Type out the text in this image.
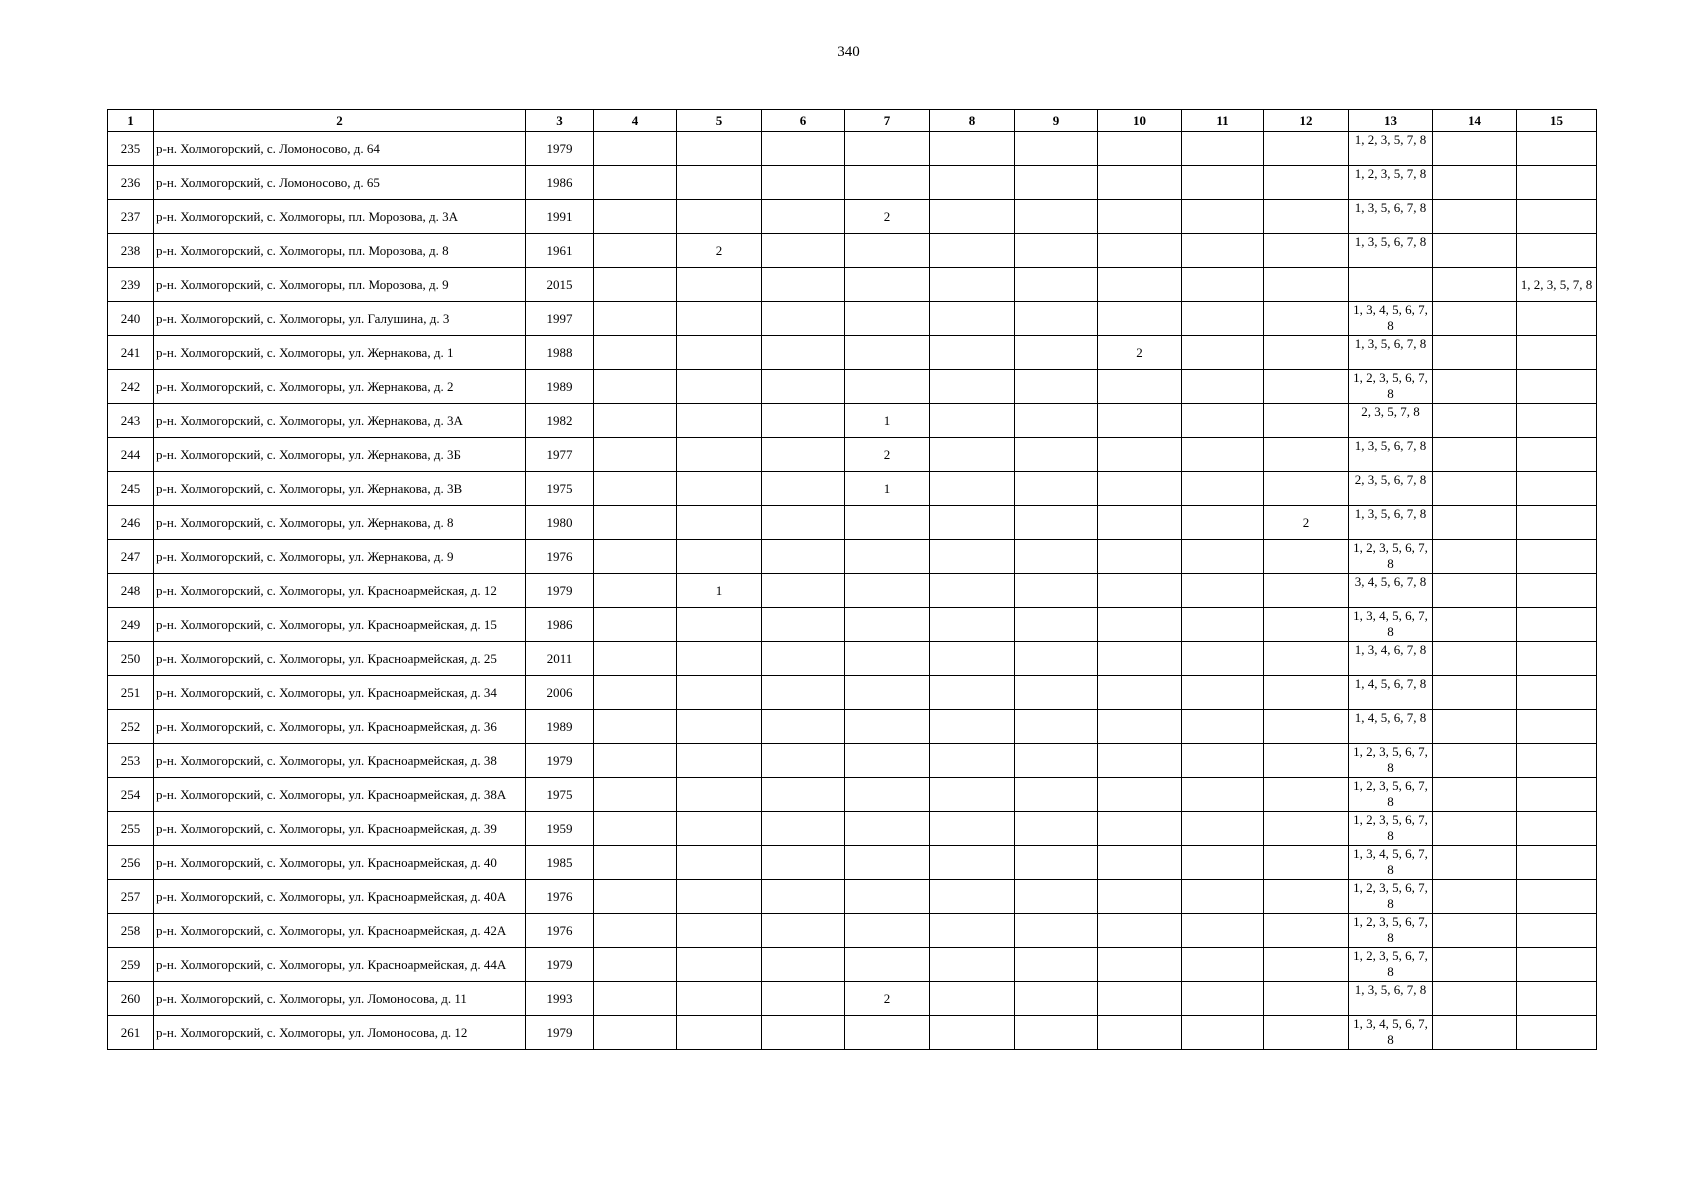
340
1	2	3	4	5	6	7	8	9	10	11	12	13	14	15
235	р-н. Холмогорский, с. Ломоносово, д. 64	1979										1, 2, 3, 5, 7, 8		
236	р-н. Холмогорский, с. Ломоносово, д. 65	1986										1, 2, 3, 5, 7, 8		
237	р-н. Холмогорский, с. Холмогоры, пл. Морозова, д. 3А	1991				2						1, 3, 5, 6, 7, 8		
238	р-н. Холмогорский, с. Холмогоры, пл. Морозова, д. 8	1961		2								1, 3, 5, 6, 7, 8		
239	р-н. Холмогорский, с. Холмогоры, пл. Морозова, д. 9	2015												1, 2, 3, 5, 7, 8
240	р-н. Холмогорский, с. Холмогоры, ул. Галушина, д. 3	1997										1, 3, 4, 5, 6, 7, 8		
241	р-н. Холмогорский, с. Холмогоры, ул. Жернакова, д. 1	1988							2			1, 3, 5, 6, 7, 8		
242	р-н. Холмогорский, с. Холмогоры, ул. Жернакова, д. 2	1989										1, 2, 3, 5, 6, 7, 8		
243	р-н. Холмогорский, с. Холмогоры, ул. Жернакова, д. 3А	1982				1						2, 3, 5, 7, 8		
244	р-н. Холмогорский, с. Холмогоры, ул. Жернакова, д. 3Б	1977				2						1, 3, 5, 6, 7, 8		
245	р-н. Холмогорский, с. Холмогоры, ул. Жернакова, д. 3В	1975				1						2, 3, 5, 6, 7, 8		
246	р-н. Холмогорский, с. Холмогоры, ул. Жернакова, д. 8	1980									2	1, 3, 5, 6, 7, 8		
247	р-н. Холмогорский, с. Холмогоры, ул. Жернакова, д. 9	1976										1, 2, 3, 5, 6, 7, 8		
248	р-н. Холмогорский, с. Холмогоры, ул. Красноармейская, д. 12	1979		1								3, 4, 5, 6, 7, 8		
249	р-н. Холмогорский, с. Холмогоры, ул. Красноармейская, д. 15	1986										1, 3, 4, 5, 6, 7, 8		
250	р-н. Холмогорский, с. Холмогоры, ул. Красноармейская, д. 25	2011										1, 3, 4, 6, 7, 8		
251	р-н. Холмогорский, с. Холмогоры, ул. Красноармейская, д. 34	2006										1, 4, 5, 6, 7, 8		
252	р-н. Холмогорский, с. Холмогоры, ул. Красноармейская, д. 36	1989										1, 4, 5, 6, 7, 8		
253	р-н. Холмогорский, с. Холмогоры, ул. Красноармейская, д. 38	1979										1, 2, 3, 5, 6, 7, 8		
254	р-н. Холмогорский, с. Холмогоры, ул. Красноармейская, д. 38А	1975										1, 2, 3, 5, 6, 7, 8		
255	р-н. Холмогорский, с. Холмогоры, ул. Красноармейская, д. 39	1959										1, 2, 3, 5, 6, 7, 8		
256	р-н. Холмогорский, с. Холмогоры, ул. Красноармейская, д. 40	1985										1, 3, 4, 5, 6, 7, 8		
257	р-н. Холмогорский, с. Холмогоры, ул. Красноармейская, д. 40А	1976										1, 2, 3, 5, 6, 7, 8		
258	р-н. Холмогорский, с. Холмогоры, ул. Красноармейская, д. 42А	1976										1, 2, 3, 5, 6, 7, 8		
259	р-н. Холмогорский, с. Холмогоры, ул. Красноармейская, д. 44А	1979										1, 2, 3, 5, 6, 7, 8		
260	р-н. Холмогорский, с. Холмогоры, ул. Ломоносова, д. 11	1993				2						1, 3, 5, 6, 7, 8		
261	р-н. Холмогорский, с. Холмогоры, ул. Ломоносова, д. 12	1979										1, 3, 4, 5, 6, 7, 8		
